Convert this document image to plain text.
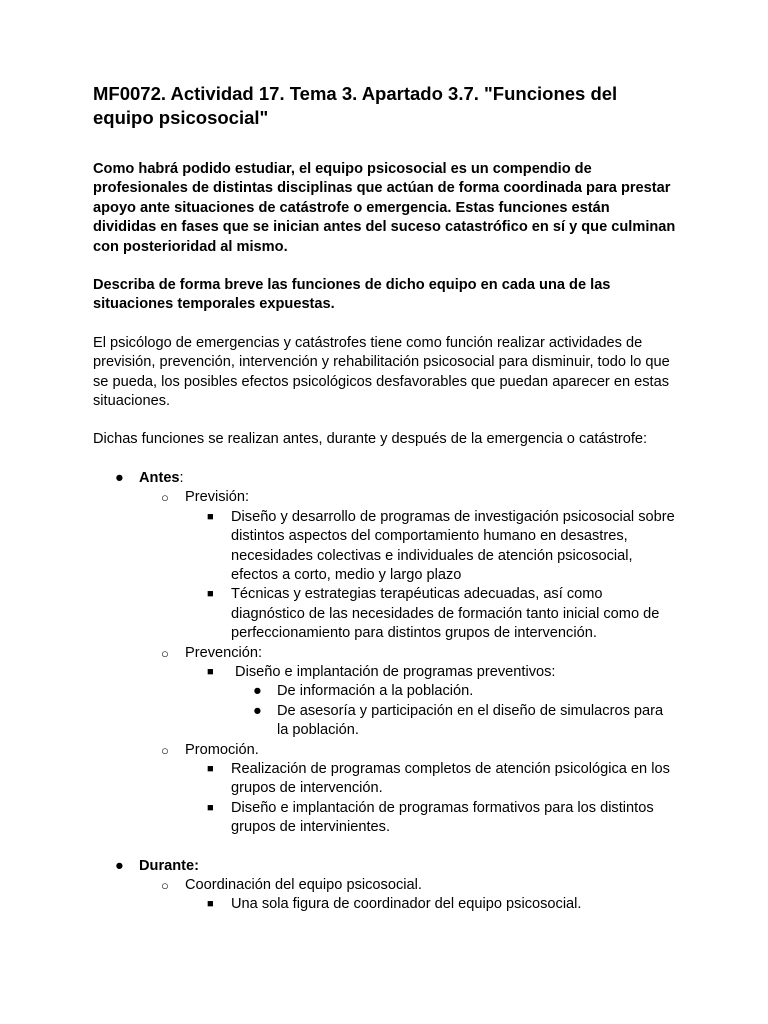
MF0072. Actividad 17. Tema 3. Apartado 3.7. "Funciones del equipo psicosocial"

Como habrá podido estudiar, el equipo psicosocial es un compendio de profesionales de distintas disciplinas que actúan de forma coordinada para prestar apoyo ante situaciones de catástrofe o emergencia. Estas funciones están divididas en fases que se inician antes del suceso catastrófico en sí y que culminan con posterioridad al mismo.

Describa de forma breve las funciones de dicho equipo en cada una de las situaciones temporales expuestas.

El psicólogo de emergencias y catástrofes tiene como función realizar actividades de previsión, prevención, intervención y rehabilitación psicosocial para disminuir, todo lo que se pueda, los posibles efectos psicológicos desfavorables que puedan aparecer en estas situaciones.

Dichas funciones se realizan antes, durante y después de la emergencia o catástrofe:

●	Antes:
○	Previsión:
■	Diseño y desarrollo de programas de investigación psicosocial sobre distintos aspectos del comportamiento humano en desastres, necesidades colectivas e individuales de atención psicosocial, efectos a corto, medio y largo plazo
■	Técnicas y estrategias terapéuticas adecuadas, así como diagnóstico de las necesidades de formación tanto inicial como de perfeccionamiento para distintos grupos de intervención.
○	Prevención:
■	Diseño e implantación de programas preventivos:
●	De información a la población.
●	De asesoría y participación en el diseño de simulacros para la población.
○	Promoción.
■	Realización de programas completos de atención psicológica en los grupos de intervención.
■	Diseño e implantación de programas formativos para los distintos grupos de intervinientes.
●	Durante:
○	Coordinación del equipo psicosocial.
■	Una sola figura de coordinador del equipo psicosocial.
